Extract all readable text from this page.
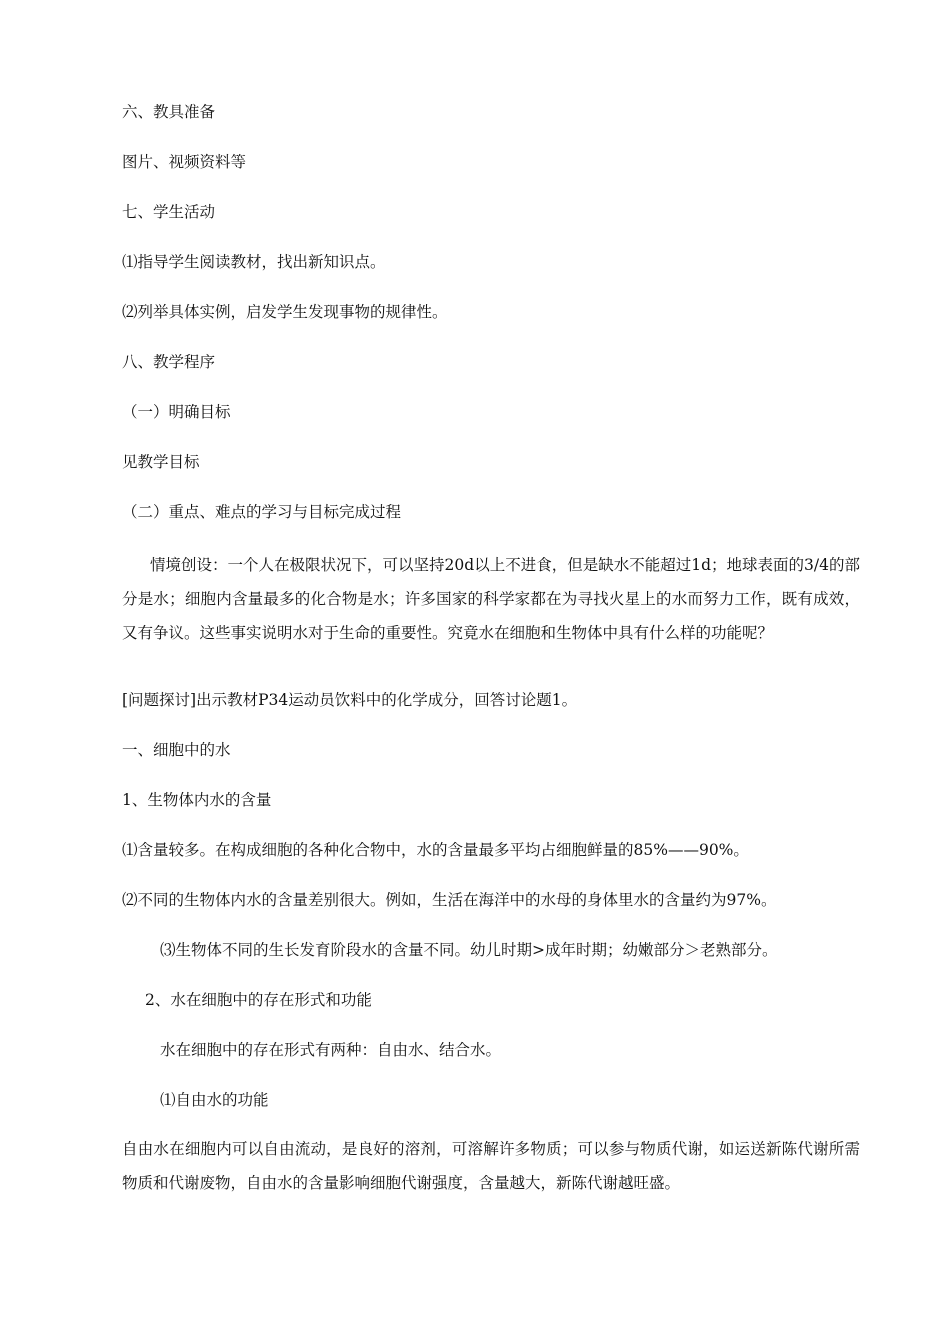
六、教具准备

图片、视频资料等

七、学生活动

⑴指导学生阅读教材，找出新知识点。

⑵列举具体实例，启发学生发现事物的规律性。

八、教学程序

（一）明确目标

见教学目标

（二）重点、难点的学习与目标完成过程

情境创设：一个人在极限状况下，可以坚持20d以上不进食，但是缺水不能超过1d；地球表面的3/4的部分是水；细胞内含量最多的化合物是水；许多国家的科学家都在为寻找火星上的水而努力工作，既有成效，又有争议。这些事实说明水对于生命的重要性。究竟水在细胞和生物体中具有什么样的功能呢？

[问题探讨]出示教材P34运动员饮料中的化学成分，回答讨论题1。

一、细胞中的水

1、生物体内水的含量

⑴含量较多。在构成细胞的各种化合物中，水的含量最多平均占细胞鲜量的85%——90%。

⑵不同的生物体内水的含量差别很大。例如，生活在海洋中的水母的身体里水的含量约为97%。

⑶生物体不同的生长发育阶段水的含量不同。幼儿时期>成年时期；幼嫩部分＞老熟部分。

2、水在细胞中的存在形式和功能

水在细胞中的存在形式有两种：自由水、结合水。

⑴自由水的功能

自由水在细胞内可以自由流动，是良好的溶剂，可溶解许多物质；可以参与物质代谢，如运送新陈代谢所需物质和代谢废物，自由水的含量影响细胞代谢强度，含量越大，新陈代谢越旺盛。
